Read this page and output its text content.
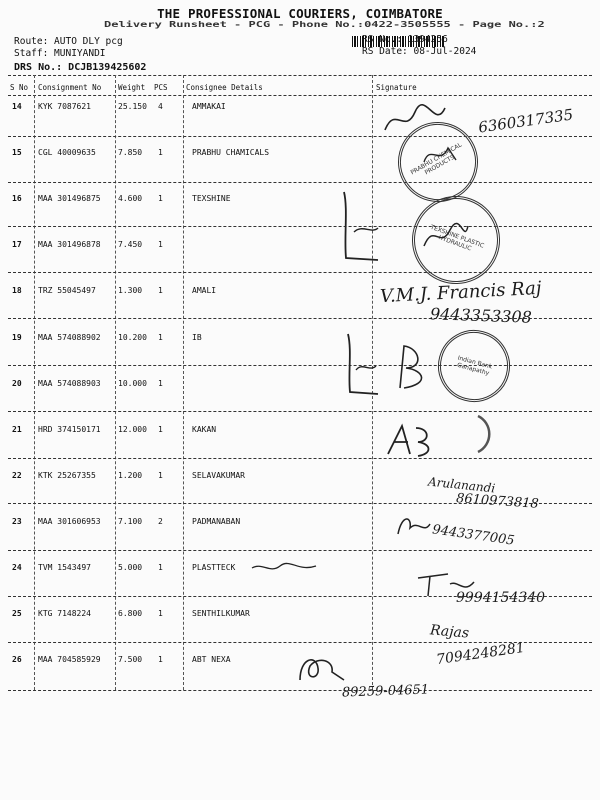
THE PROFESSIONAL COURIERS, COIMBATORE
Delivery Runsheet - PCG - Phone No.:0422-3505555 - Page No.:2
Route: AUTO DLY pcg
Staff: MUNIYANDI
DRS No.: DCJB139425602
RS No.: 1394256
RS Date: 08-Jul-2024
S No Consignment No Weight PCS Consignee Details	Signature
14 KYK 7087621	25.150 4	AMMAKAI
15 CGL 40009635	7.850 1	PRABHU CHAMICALS
16 MAA 301496875 4.600 1	TEXSHINE
17 MAA 301496878 7.450 1
18 TRZ 55045497	1.300 1	AMALI
19 MAA 574088902 10.200 1	IB
20 MAA 574088903 10.000 1
21 HRD 374150171 12.000 1	KAKAN
22 KTK 25267355	1.200 1	SELAVAKUMAR
23 MAA 301606953 7.100 2	PADMANABAN
24 TVM 1543497	5.000 1	PLASTTECK
25 KTG 7148224	6.800 1	SENTHILKUMAR
26 MAA 704585929 7.500 1	ABT NEXA
6360317335
PRABHU CHEMICAL PRODUCTS
TEXSHINE PLASTIC HYDRAULIC
V.M.J. Francis Raj
9443353308
Indian Bank Ganapathy
Arulanandi
8610973818
9443377005
9994154340
Rajas
7094248281
89259-04651
